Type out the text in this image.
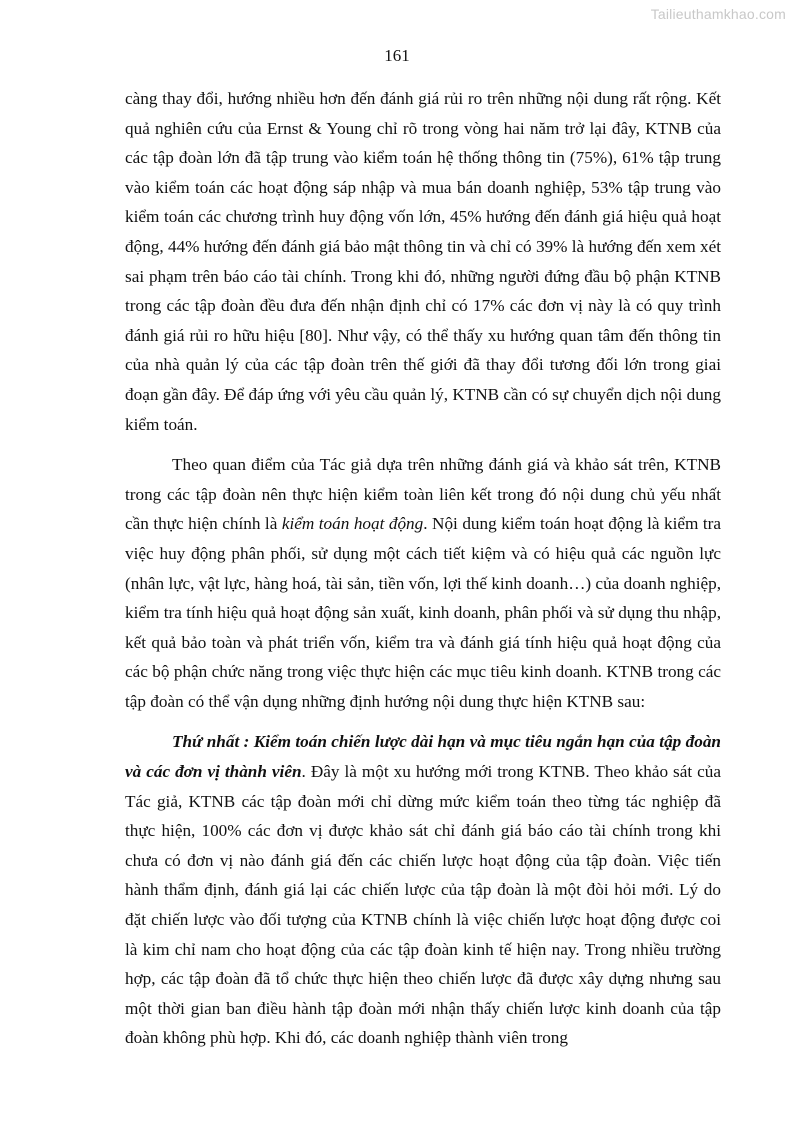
Tailieuthamkhao.com
161

càng thay đổi, hướng nhiều hơn đến đánh giá rủi ro trên những nội dung rất rộng. Kết quả nghiên cứu của Ernst & Young chỉ rõ trong vòng hai năm trở lại đây, KTNB của các tập đoàn lớn đã tập trung vào kiểm toán hệ thống thông tin (75%), 61% tập trung vào kiểm toán các hoạt động sáp nhập và mua bán doanh nghiệp, 53% tập trung vào kiểm toán các chương trình huy động vốn lớn, 45% hướng đến đánh giá hiệu quả hoạt động, 44% hướng đến đánh giá bảo mật thông tin và chỉ có 39% là hướng đến xem xét sai phạm trên báo cáo tài chính. Trong khi đó, những người đứng đầu bộ phận KTNB trong các tập đoàn đều đưa đến nhận định chỉ có 17% các đơn vị này là có quy trình đánh giá rủi ro hữu hiệu [80]. Như vậy, có thể thấy xu hướng quan tâm đến thông tin của nhà quản lý của các tập đoàn trên thế giới đã thay đổi tương đối lớn trong giai đoạn gần đây. Để đáp ứng với yêu cầu quản lý, KTNB cần có sự chuyển dịch nội dung kiểm toán.

Theo quan điểm của Tác giả dựa trên những đánh giá và khảo sát trên, KTNB trong các tập đoàn nên thực hiện kiểm toàn liên kết trong đó nội dung chủ yếu nhất cần thực hiện chính là kiểm toán hoạt động. Nội dung kiểm toán hoạt động là kiểm tra việc huy động phân phối, sử dụng một cách tiết kiệm và có hiệu quả các nguồn lực (nhân lực, vật lực, hàng hoá, tài sản, tiền vốn, lợi thế kinh doanh…) của doanh nghiệp, kiểm tra tính hiệu quả hoạt động sản xuất, kinh doanh, phân phối và sử dụng thu nhập, kết quả bảo toàn và phát triển vốn, kiểm tra và đánh giá tính hiệu quả hoạt động của các bộ phận chức năng trong việc thực hiện các mục tiêu kinh doanh. KTNB trong các tập đoàn có thể vận dụng những định hướng nội dung thực hiện KTNB sau:

Thứ nhất : Kiểm toán chiến lược dài hạn và mục tiêu ngắn hạn của tập đoàn và các đơn vị thành viên. Đây là một xu hướng mới trong KTNB. Theo khảo sát của Tác giả, KTNB các tập đoàn mới chỉ dừng mức kiểm toán theo từng tác nghiệp đã thực hiện, 100% các đơn vị được khảo sát chỉ đánh giá báo cáo tài chính trong khi chưa có đơn vị nào đánh giá đến các chiến lược hoạt động của tập đoàn. Việc tiến hành thẩm định, đánh giá lại các chiến lược của tập đoàn là một đòi hỏi mới. Lý do đặt chiến lược vào đối tượng của KTNB chính là việc chiến lược hoạt động được coi là kim chỉ nam cho hoạt động của các tập đoàn kinh tế hiện nay. Trong nhiều trường hợp, các tập đoàn đã tổ chức thực hiện theo chiến lược đã được xây dựng nhưng sau một thời gian ban điều hành tập đoàn mới nhận thấy chiến lược kinh doanh của tập đoàn không phù hợp. Khi đó, các doanh nghiệp thành viên trong
